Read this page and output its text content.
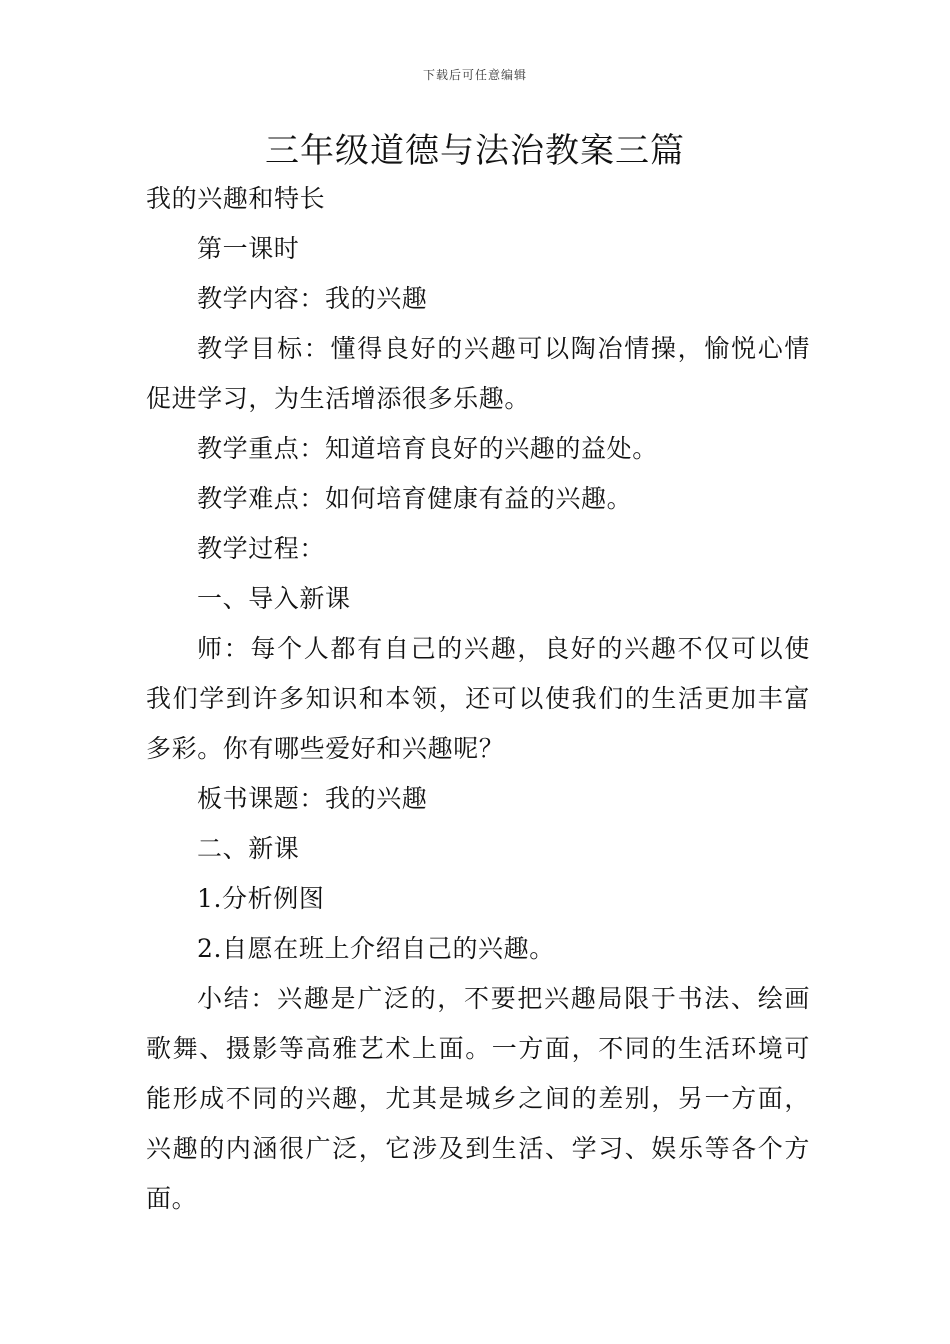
下载后可任意编辑
三年级道德与法治教案三篇

我的兴趣和特长

第一课时

教学内容：我的兴趣

教学目标：懂得良好的兴趣可以陶冶情操，愉悦心情促进学习，为生活增添很多乐趣。

教学重点：知道培育良好的兴趣的益处。

教学难点：如何培育健康有益的兴趣。

教学过程：

一、导入新课

师：每个人都有自己的兴趣，良好的兴趣不仅可以使我们学到许多知识和本领，还可以使我们的生活更加丰富多彩。你有哪些爱好和兴趣呢？

板书课题：我的兴趣

二、新课

1.分析例图

2.自愿在班上介绍自己的兴趣。

小结：兴趣是广泛的，不要把兴趣局限于书法、绘画歌舞、摄影等高雅艺术上面。一方面，不同的生活环境可能形成不同的兴趣，尤其是城乡之间的差别，另一方面，兴趣的内涵很广泛，它涉及到生活、学习、娱乐等各个方面。
